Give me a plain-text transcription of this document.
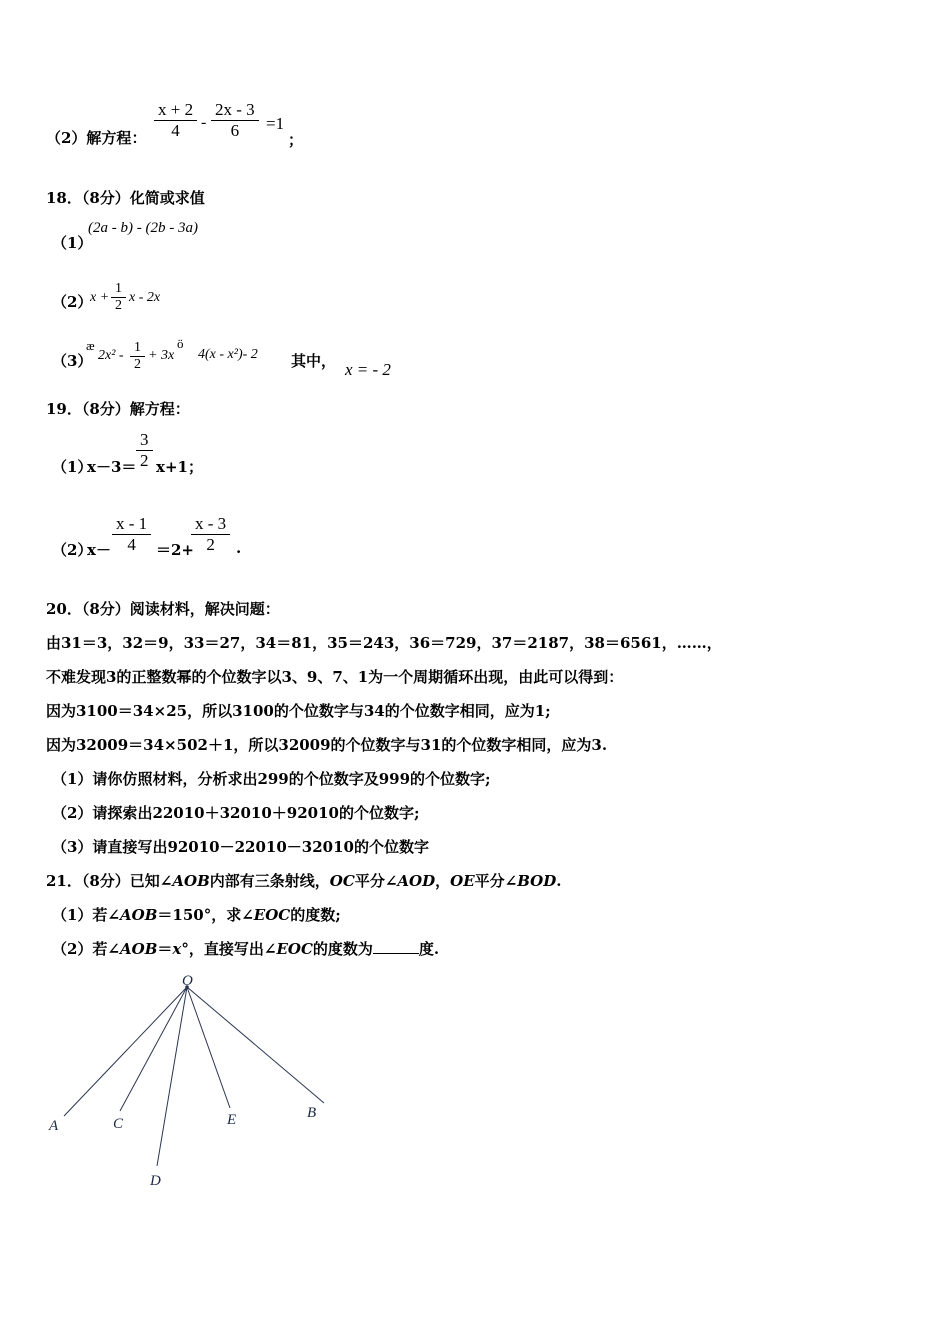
（2）解方程：
x + 2
4 -
2x - 3
6 =1
；
18．（8分）化简或求值
（1）
(2a - b) - (2b - 3a)
（2）
x +
1
2
x - 2x
（3）
æ
2x² -
1
2
+ 3x
ö
4(x - x²)- 2 其中， x = - 2
19．（8分）解方程：
（1）
x－3＝
3
2 x+1；
（2）
x－
x - 1
4 ＝2+
x - 3
2 .
20．（8分）阅读材料，解决问题：
由31＝3，32＝9，33＝27，34＝81，35＝243，36＝729，37＝2187，38＝6561，……，
不难发现3的正整数幂的个位数字以3、9、7、1为一个周期循环出现，由此可以得到：
因为3100＝34×25，所以3100的个位数字与34的个位数字相同，应为1;
因为32009＝34×502＋1，所以32009的个位数字与31的个位数字相同，应为3.
（1）请你仿照材料，分析求出299的个位数字及999的个位数字;
（2）请探索出22010＋32010＋92010的个位数字;
（3）请直接写出92010－22010－32010的个位数字
21．（8分）已知∠AOB内部有三条射线，OC平分∠AOD，OE平分∠BOD.
（1）若∠AOB＝150°，求∠EOC的度数;
（2）若∠AOB＝x°，直接写出∠EOC的度数为	度.
O
A	C
D
E	B
